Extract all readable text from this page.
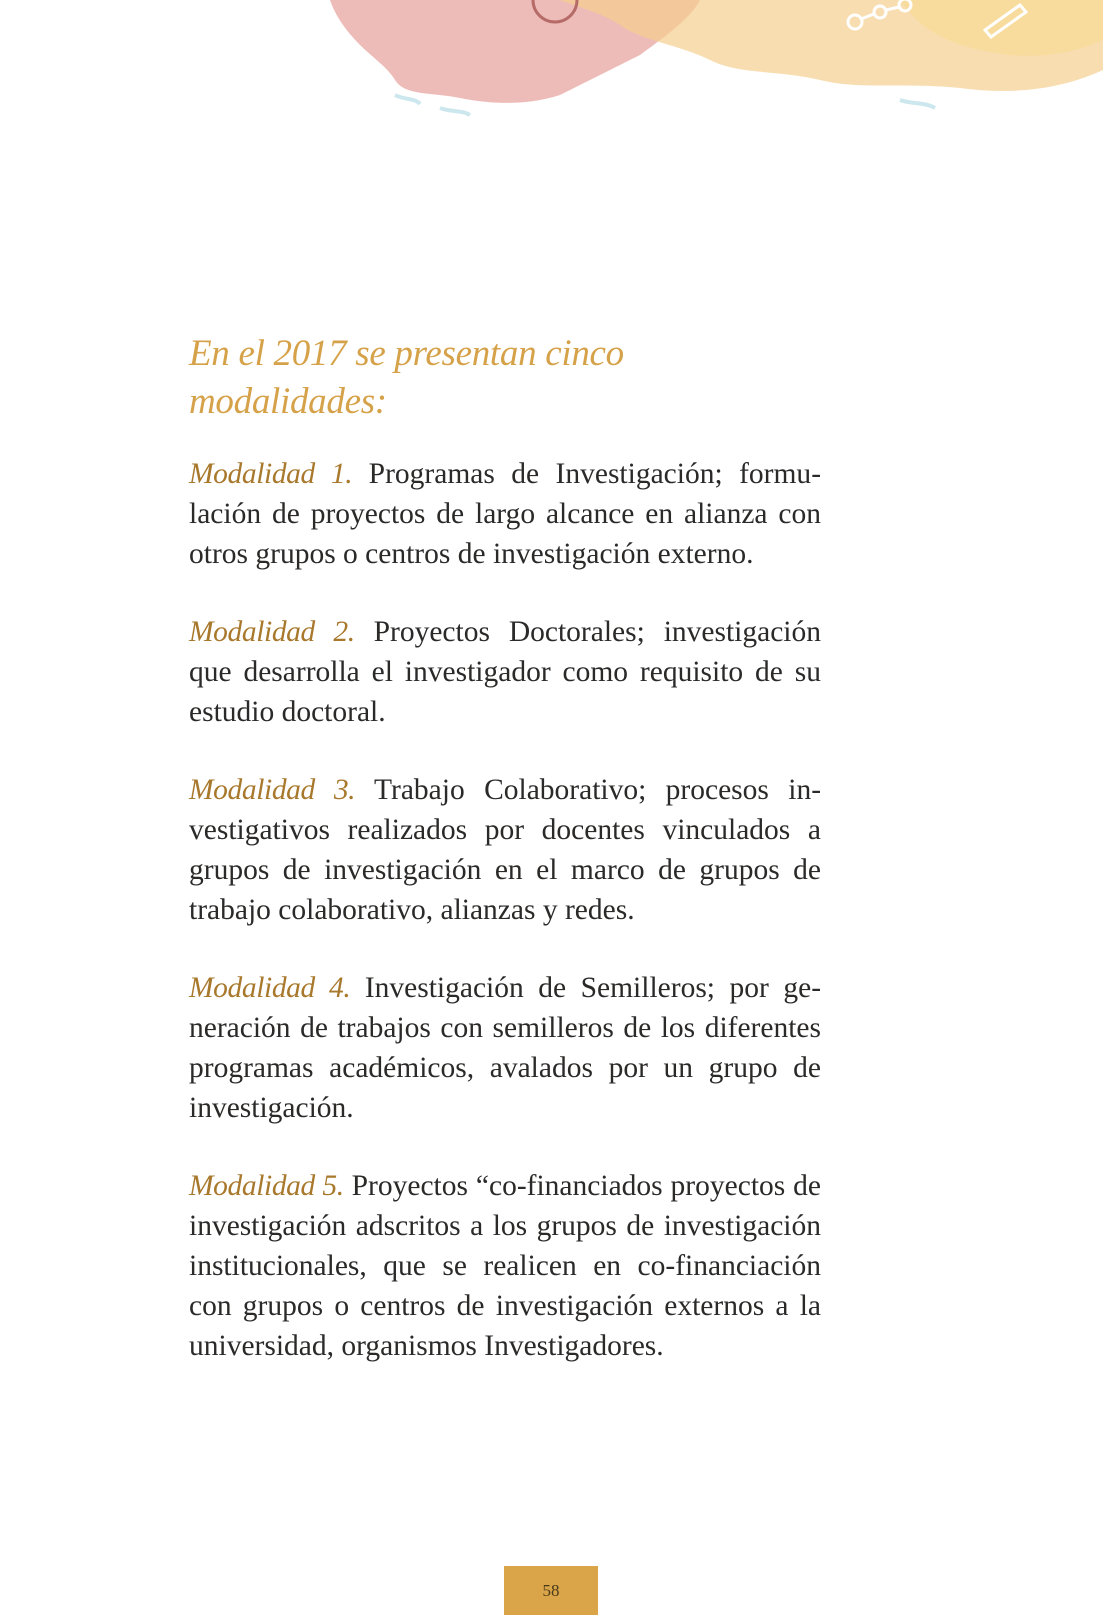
En el 2017 se presentan cinco modalidades:

Modalidad 1. Programas de Investigación; formulación de proyectos de largo alcance en alianza con otros grupos o centros de investigación externo.

Modalidad 2. Proyectos Doctorales; investigación que desarrolla el investigador como requisito de su estudio doctoral.

Modalidad 3. Trabajo Colaborativo; procesos investigativos realizados por docentes vinculados a grupos de investigación en el marco de grupos de trabajo colaborativo, alianzas y redes.

Modalidad 4. Investigación de Semilleros; por generación de trabajos con semilleros de los diferentes programas académicos, avalados por un grupo de investigación.

Modalidad 5. Proyectos “co-financiados proyectos de investigación adscritos a los grupos de investigación institucionales, que se realicen en co-financiación con grupos o centros de investigación externos a la universidad, organismos Investigadores.

58
